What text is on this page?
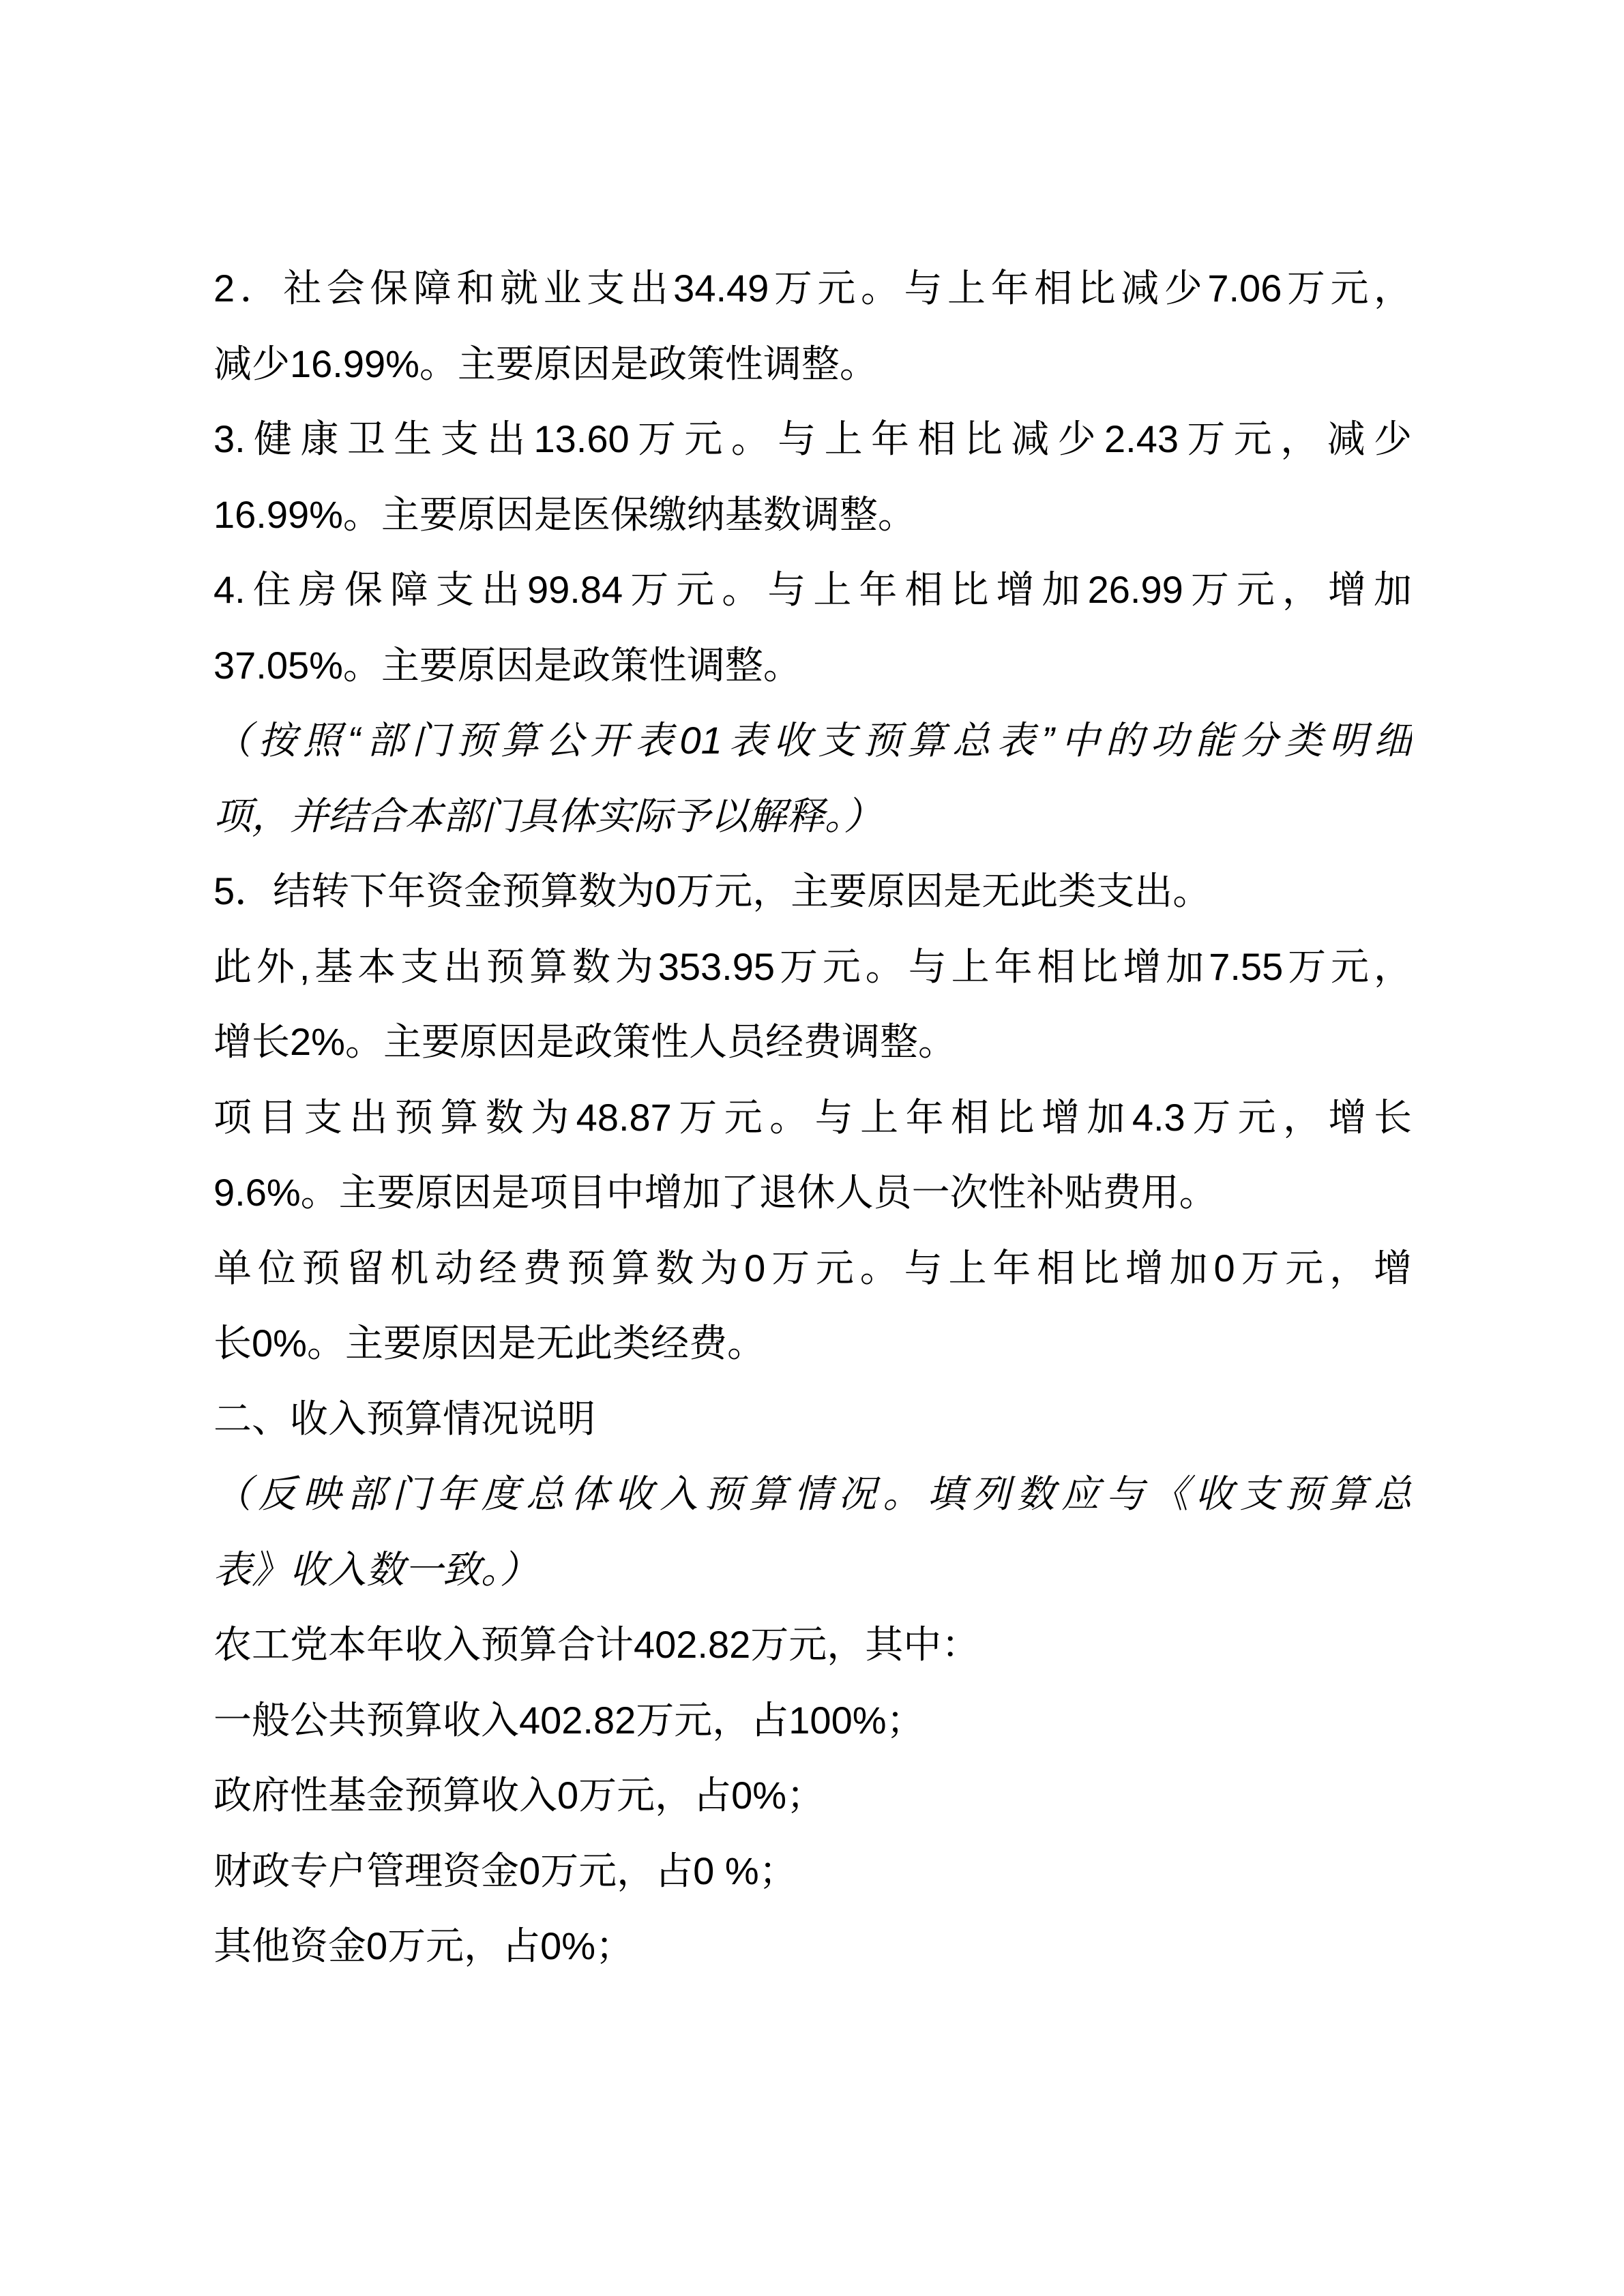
2．社会保障和就业支出34.49万元。与上年相比减少7.06万元，
减少16.99%。主要原因是政策性调整。
3.健康卫生支出13.60万元。与上年相比减少2.43万元，减少
16.99%。主要原因是医保缴纳基数调整。
4.住房保障支出99.84万元。与上年相比增加26.99万元，增加
37.05%。主要原因是政策性调整。
（按照“部门预算公开表01表收支预算总表”中的功能分类明细
项，并结合本部门具体实际予以解释。）
5．结转下年资金预算数为0万元，主要原因是无此类支出。
此外,基本支出预算数为353.95万元。与上年相比增加7.55万元，
增长2%。主要原因是政策性人员经费调整。
项目支出预算数为48.87万元。与上年相比增加4.3万元，增长
9.6%。主要原因是项目中增加了退休人员一次性补贴费用。
单位预留机动经费预算数为0万元。与上年相比增加0万元，增
长0%。主要原因是无此类经费。
二、收入预算情况说明
（反映部门年度总体收入预算情况。填列数应与《收支预算总
表》收入数一致。）
农工党本年收入预算合计402.82万元，其中：
一般公共预算收入402.82万元，占100%；
政府性基金预算收入0万元，占0%；
财政专户管理资金0万元，占0 %；
其他资金0万元，占0%；
